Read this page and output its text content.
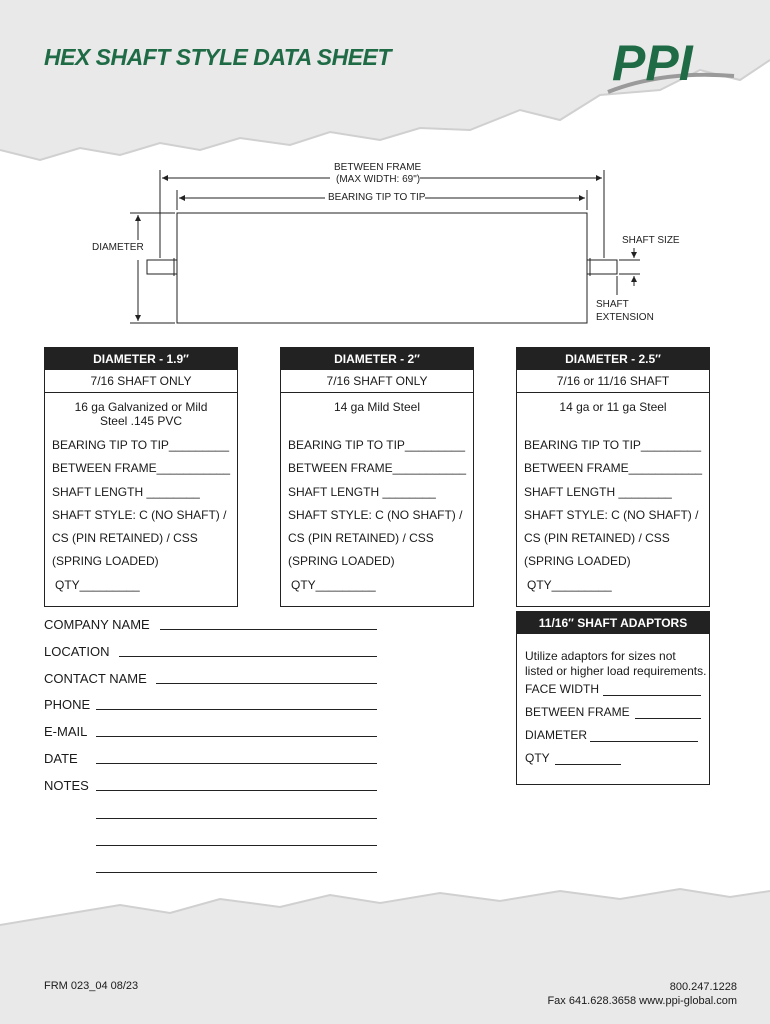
HEX SHAFT STYLE DATA SHEET	PPI
BETWEEN FRAME
(MAX WIDTH: 69")
BEARING TIP TO TIP
DIAMETER
SHAFT SIZE
SHAFT
EXTENSION
DIAMETER - 1.9″
7/16 SHAFT ONLY
16 ga Galvanized or Mild
Steel .145 PVC
BEARING TIP TO TIP_________
BETWEEN FRAME___________
SHAFT LENGTH ________
SHAFT STYLE: C (NO SHAFT) /
CS (PIN RETAINED) / CSS
(SPRING LOADED)
QTY_________
DIAMETER - 2″
7/16 SHAFT ONLY
14 ga Mild Steel
BEARING TIP TO TIP_________
BETWEEN FRAME___________
SHAFT LENGTH ________
SHAFT STYLE: C (NO SHAFT) /
CS (PIN RETAINED) / CSS
(SPRING LOADED)
QTY_________
DIAMETER - 2.5″
7/16 or 11/16 SHAFT
14 ga or 11 ga Steel
BEARING TIP TO TIP_________
BETWEEN FRAME___________
SHAFT LENGTH ________
SHAFT STYLE: C (NO SHAFT) /
CS (PIN RETAINED) / CSS
(SPRING LOADED)
QTY_________
11/16″ SHAFT ADAPTORS
Utilize adaptors for sizes not
listed or higher load requirements.
FACE WIDTH
BETWEEN FRAME
DIAMETER
QTY
COMPANY NAME
LOCATION
CONTACT NAME
PHONE
E-MAIL
DATE
NOTES
FRM 023_04 08/23	800.247.1228
Fax 641.628.3658 www.ppi-global.com
